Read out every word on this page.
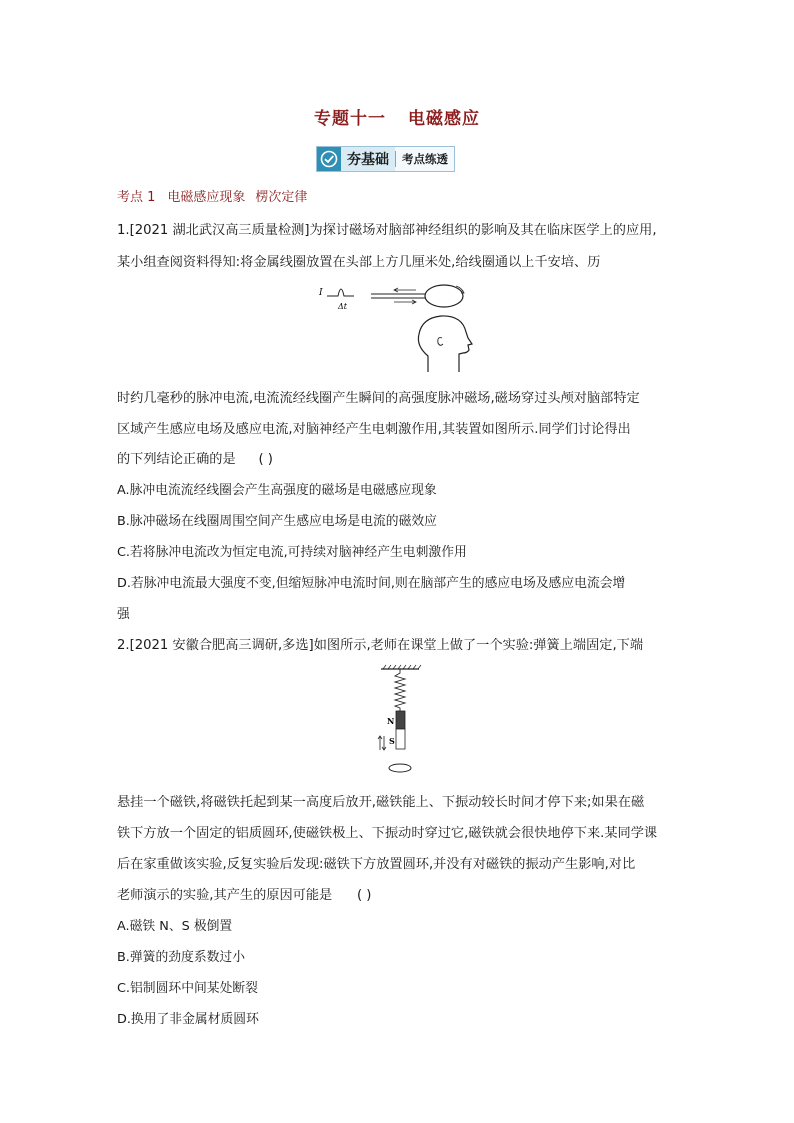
专题十一 电磁感应
夯基础	考点练透
考点 1 电磁感应现象 楞次定律
1.[2021 湖北武汉高三质量检测]为探讨磁场对脑部神经组织的影响及其在临床医学上的应用,
某小组查阅资料得知:将金属线圈放置在头部上方几厘米处,给线圈通以上千安培、历
I
Δt
时约几毫秒的脉冲电流,电流流经线圈产生瞬间的高强度脉冲磁场,磁场穿过头颅对脑部特定
区域产生感应电场及感应电流,对脑神经产生电刺激作用,其装置如图所示.同学们讨论得出
的下列结论正确的是 ( )
A.脉冲电流流经线圈会产生高强度的磁场是电磁感应现象
B.脉冲磁场在线圈周围空间产生感应电场是电流的磁效应
C.若将脉冲电流改为恒定电流,可持续对脑神经产生电刺激作用
D.若脉冲电流最大强度不变,但缩短脉冲电流时间,则在脑部产生的感应电场及感应电流会增
强
2.[2021 安徽合肥高三调研,多选]如图所示,老师在课堂上做了一个实验:弹簧上端固定,下端
N
S
悬挂一个磁铁,将磁铁托起到某一高度后放开,磁铁能上、下振动较长时间才停下来;如果在磁
铁下方放一个固定的铝质圆环,使磁铁极上、下振动时穿过它,磁铁就会很快地停下来.某同学课
后在家重做该实验,反复实验后发现:磁铁下方放置圆环,并没有对磁铁的振动产生影响,对比
老师演示的实验,其产生的原因可能是 ( )
A.磁铁 N、S 极倒置
B.弹簧的劲度系数过小
C.铝制圆环中间某处断裂
D.换用了非金属材质圆环
